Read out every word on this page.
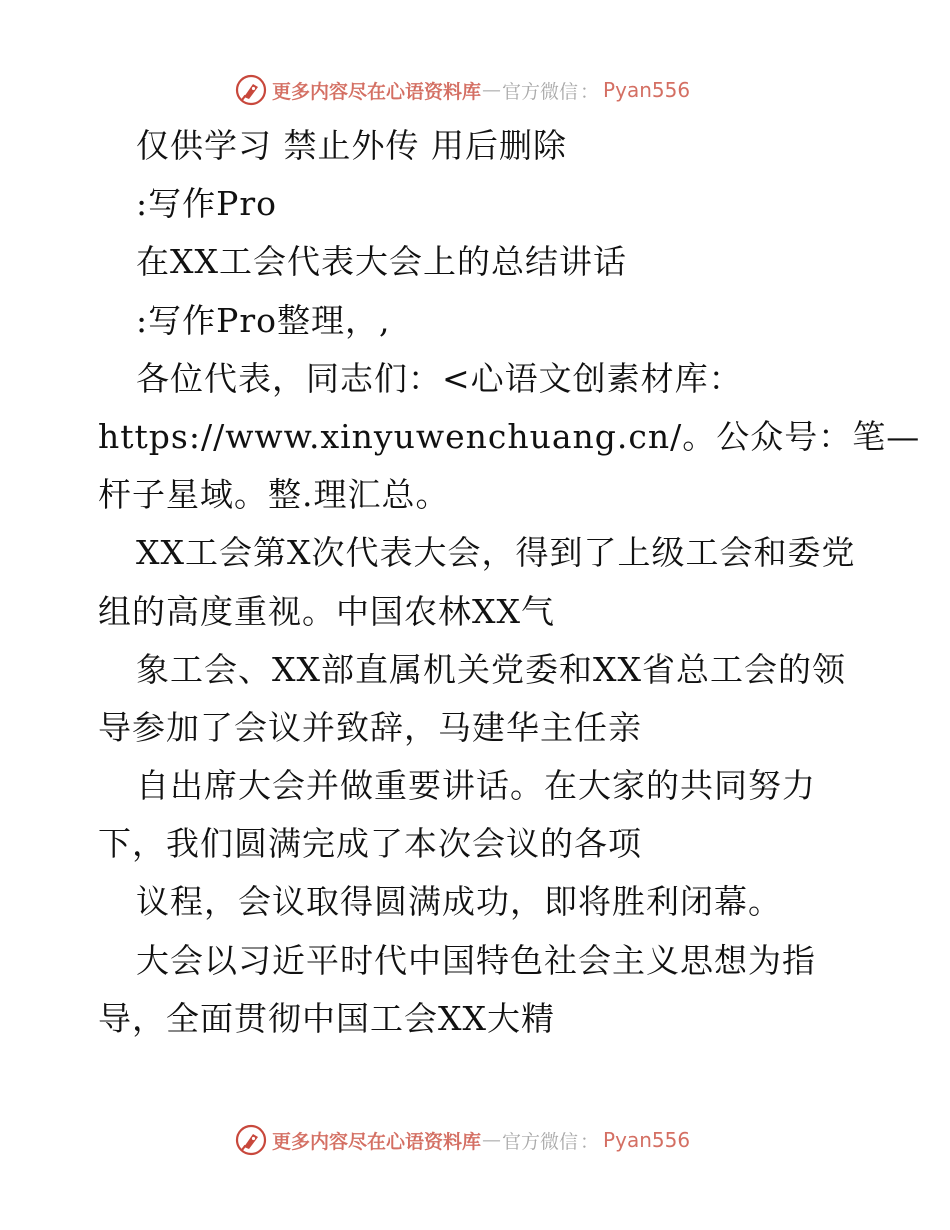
更多内容尽在心语资料库 — 官方微信 ： Pyan556
仅供学习 禁止外传 用后删除
:写作Pro
在XX工会代表大会上的总结讲话
:写作Pro整理，,
各位代表，同志们：<心语文创素材库：
https://www.xinyuwenchuang.cn/。公众号：笔—
杆子星域。整.理汇总。
XX工会第X次代表大会，得到了上级工会和委党
组的高度重视。中国农林XX气
象工会、XX部直属机关党委和XX省总工会的领
导参加了会议并致辞，马建华主任亲
自出席大会并做重要讲话。在大家的共同努力
下，我们圆满完成了本次会议的各项
议程，会议取得圆满成功，即将胜利闭幕。
大会以习近平时代中国特色社会主义思想为指
导，全面贯彻中国工会XX大精
更多内容尽在心语资料库 — 官方微信 ： Pyan556
